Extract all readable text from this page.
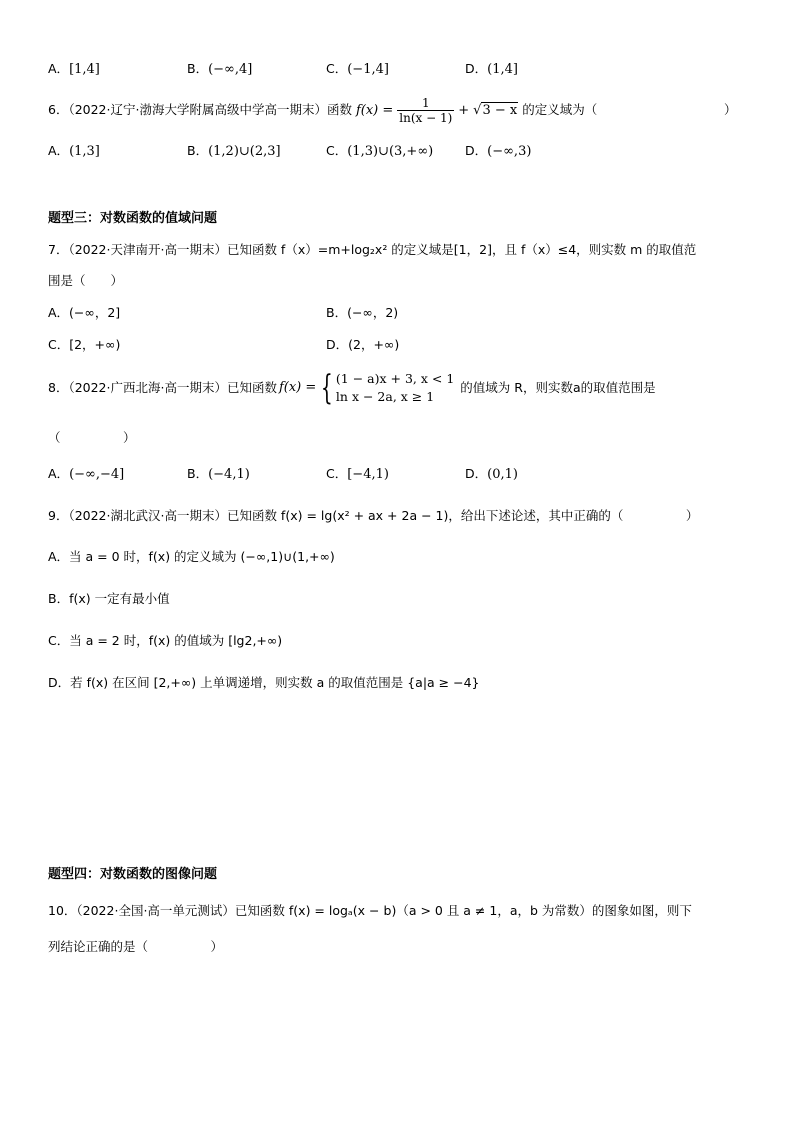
A．[1,4]	B．(−∞,4]	C．(−1,4]	D．(1,4]
6．（2022·辽宁·渤海大学附属高级中学高一期末）函数 $f(x) = \frac{1}{\ln(x - 1)} + √3 - x$ 的定义域为（	）
A．(1,3]	B．(1,2)∪(2,3]	C．(1,3)∪(3,+∞)	D．(−∞,3)
题型三：对数函数的值域问题
7．（2022·天津南开·高一期末）已知函数 f（x）=m+log₂x² 的定义域是[1，2]，且 f（x）≤4，则实数 m 的取值范
围是（　　）
A．(−∞，2]	B．(−∞，2)
C．[2，+∞)	D．(2，+∞)
8．（2022·广西北海·高一期末）已知函数 f(x) = { (1 − a)x + 3, x < 1
ln x − 2a, x ≥ 1
的值域为 R，则实数a的取值范围是
（　　　　　）
A．(−∞,−4]	B．(−4,1)	C．[−4,1)	D．(0,1)
9．（2022·湖北武汉·高一期末）已知函数 f(x) = lg(x² + ax + 2a − 1)，给出下述论述，其中正确的（　　　　　）
A．当 a = 0 时，f(x) 的定义域为 (−∞,1)∪(1,+∞)
B．f(x) 一定有最小值
C．当 a = 2 时，f(x) 的值域为 [lg2,+∞)
D．若 f(x) 在区间 [2,+∞) 上单调递增，则实数 a 的取值范围是 {a|a ≥ −4}
题型四：对数函数的图像问题
10．（2022·全国·高一单元测试）已知函数 f(x) = logₐ(x − b)（a > 0 且 a ≠ 1，a，b 为常数）的图象如图，则下
列结论正确的是（　　　　　）
